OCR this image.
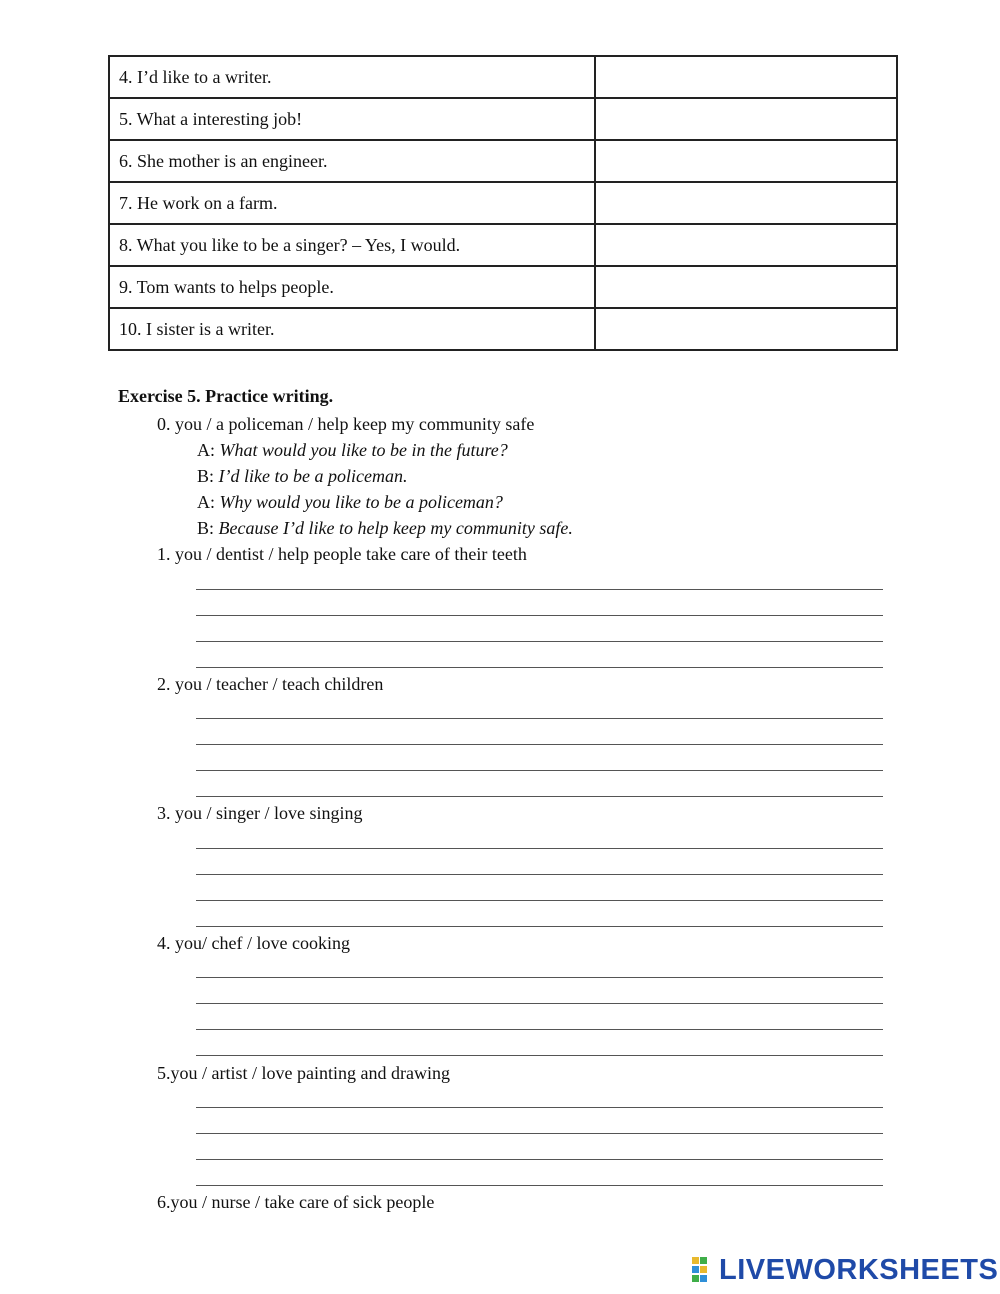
4. I’d like to a writer.	

5. What a interesting job!	

6. She mother is an engineer.	

7. He work on a farm.	

8. What you like to be a singer? – Yes, I would.	

9. Tom wants to helps people.	

10. I sister is a writer.	
Exercise 5. Practice writing.
0. you / a policeman / help keep my community safe
A: What would you like to be in the future?
B: I’d like to be a policeman.
A: Why would you like to be a policeman?
B: Because I’d like to help keep my community safe.
1. you / dentist / help people take care of their teeth
2. you / teacher / teach children
3. you / singer / love singing
4. you/ chef / love cooking
5.you / artist / love painting and drawing
6.you / nurse / take care of sick people
LIVEWORKSHEETS
